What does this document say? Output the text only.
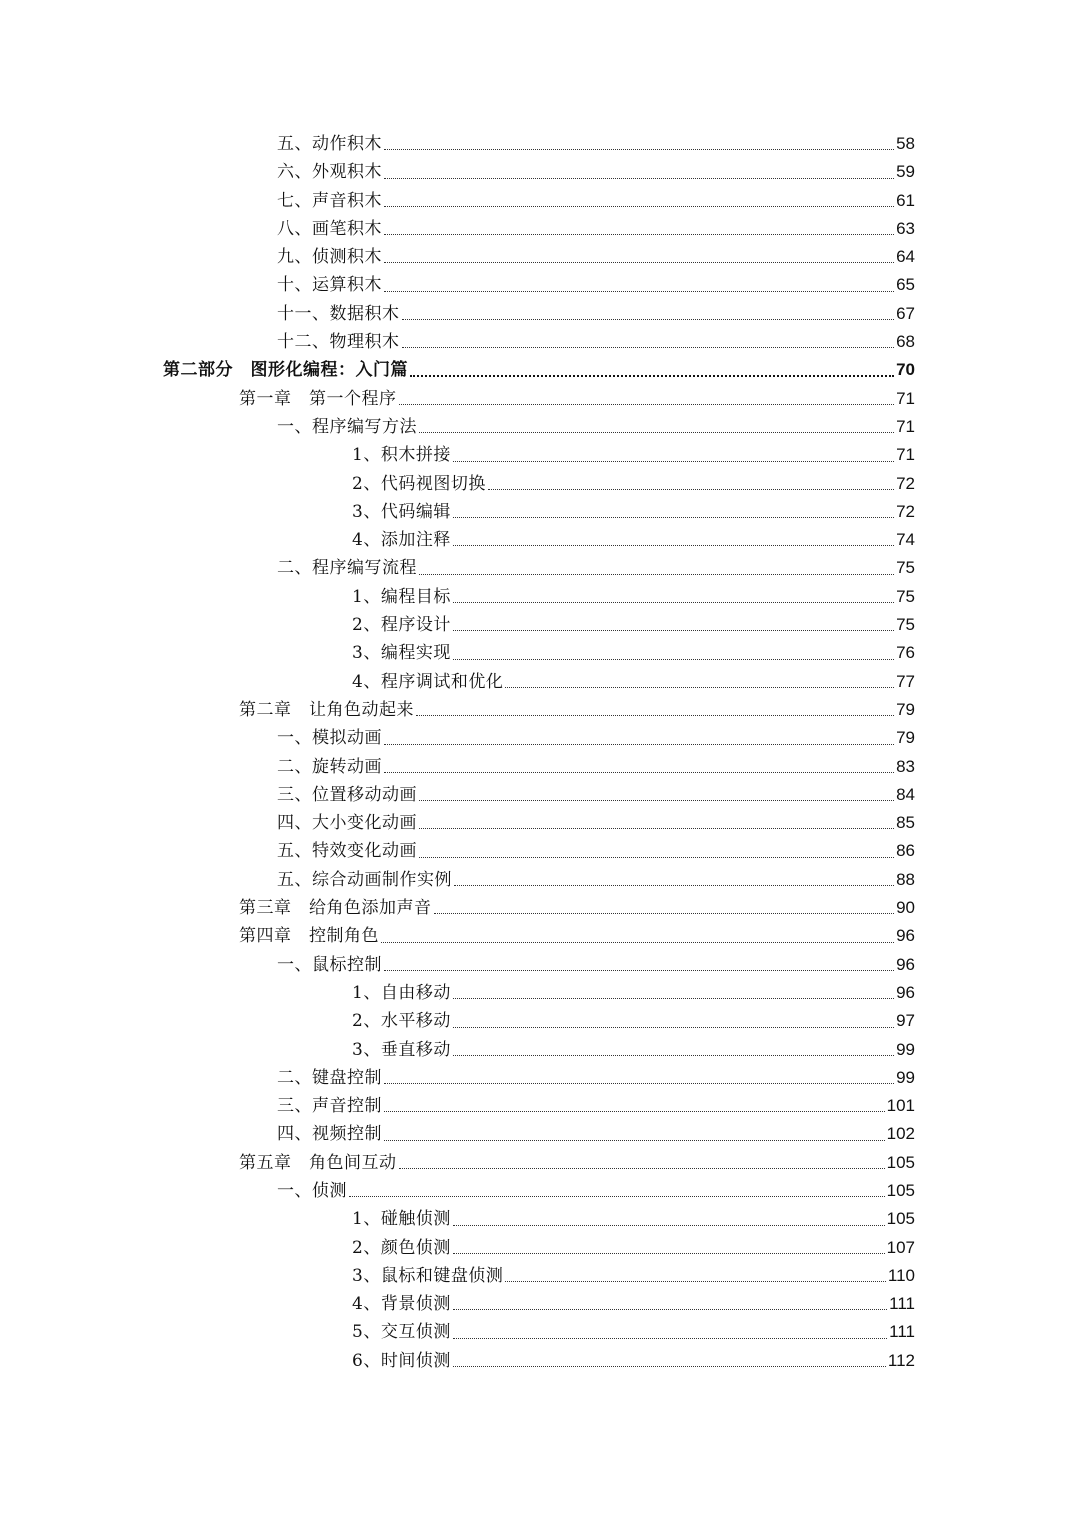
五、动作积木	58
六、外观积木	59
七、声音积木	61
八、画笔积木	63
九、侦测积木	64
十、运算积木	65
十一、数据积木	67
十二、物理积木	68
第二部分　图形化编程：入门篇	70
第一章　第一个程序	71
一、程序编写方法	71
1、积木拼接	71
2、代码视图切换	72
3、代码编辑	72
4、添加注释	74
二、程序编写流程	75
1、编程目标	75
2、程序设计	75
3、编程实现	76
4、程序调试和优化	77
第二章　让角色动起来	79
一、模拟动画	79
二、旋转动画	83
三、位置移动动画	84
四、大小变化动画	85
五、特效变化动画	86
五、综合动画制作实例	88
第三章　给角色添加声音	90
第四章　控制角色	96
一、鼠标控制	96
1、自由移动	96
2、水平移动	97
3、垂直移动	99
二、键盘控制	99
三、声音控制	101
四、视频控制	102
第五章　角色间互动	105
一、侦测	105
1、碰触侦测	105
2、颜色侦测	107
3、鼠标和键盘侦测	110
4、背景侦测	111
5、交互侦测	111
6、时间侦测	112
